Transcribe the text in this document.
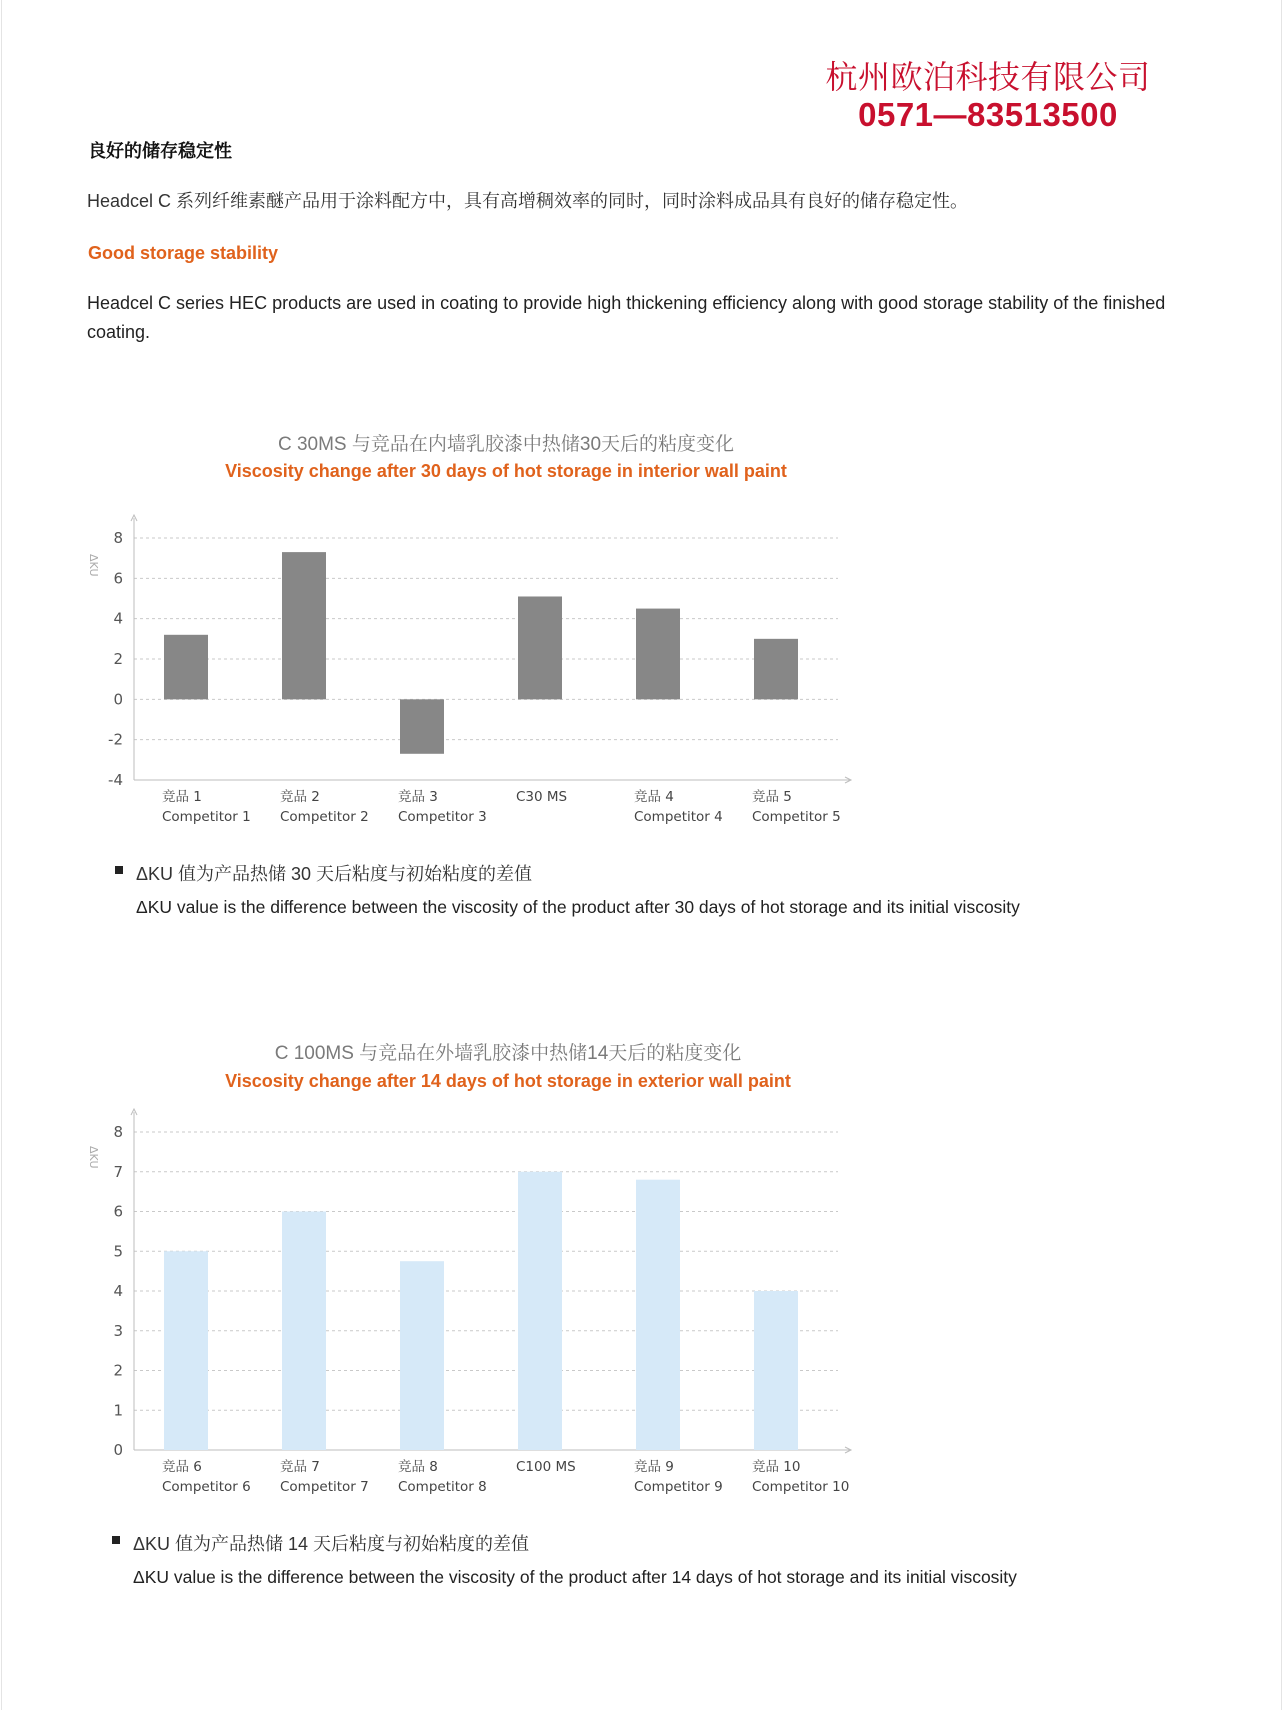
杭州欧泊科技有限公司
0571—83513500
良好的储存稳定性
Headcel C 系列纤维素醚产品用于涂料配方中，具有高增稠效率的同时，同时涂料成品具有良好的储存稳定性。
Good storage stability
Headcel C series HEC products are used in coating to provide high thickening efficiency along with good storage stability of the finished coating.
C 30MS 与竞品在内墙乳胶漆中热储30天后的粘度变化
Viscosity change after 30 days of hot storage in interior wall paint
ΔKU
8
6
4
2
0
-2
-4
竞品 1
Competitor 1
竞品 2
Competitor 2
竞品 3
Competitor 3
C30 MS	竞品 4
Competitor 4
竞品 5
Competitor 5
ΔKU 值为产品热储 30 天后粘度与初始粘度的差值
ΔKU value is the difference between the viscosity of the product after 30 days of hot storage and its initial viscosity
C 100MS 与竞品在外墙乳胶漆中热储14天后的粘度变化
Viscosity change after 14 days of hot storage in exterior wall paint
ΔKU
8
7
6
5
4
3
2
1
0
竞品 6
Competitor 6
竞品 7
Competitor 7
竞品 8
Competitor 8
C100 MS	竞品 9
Competitor 9
竞品 10
Competitor 10
ΔKU 值为产品热储 14 天后粘度与初始粘度的差值
ΔKU value is the difference between the viscosity of the product after 14 days of hot storage and its initial viscosity
